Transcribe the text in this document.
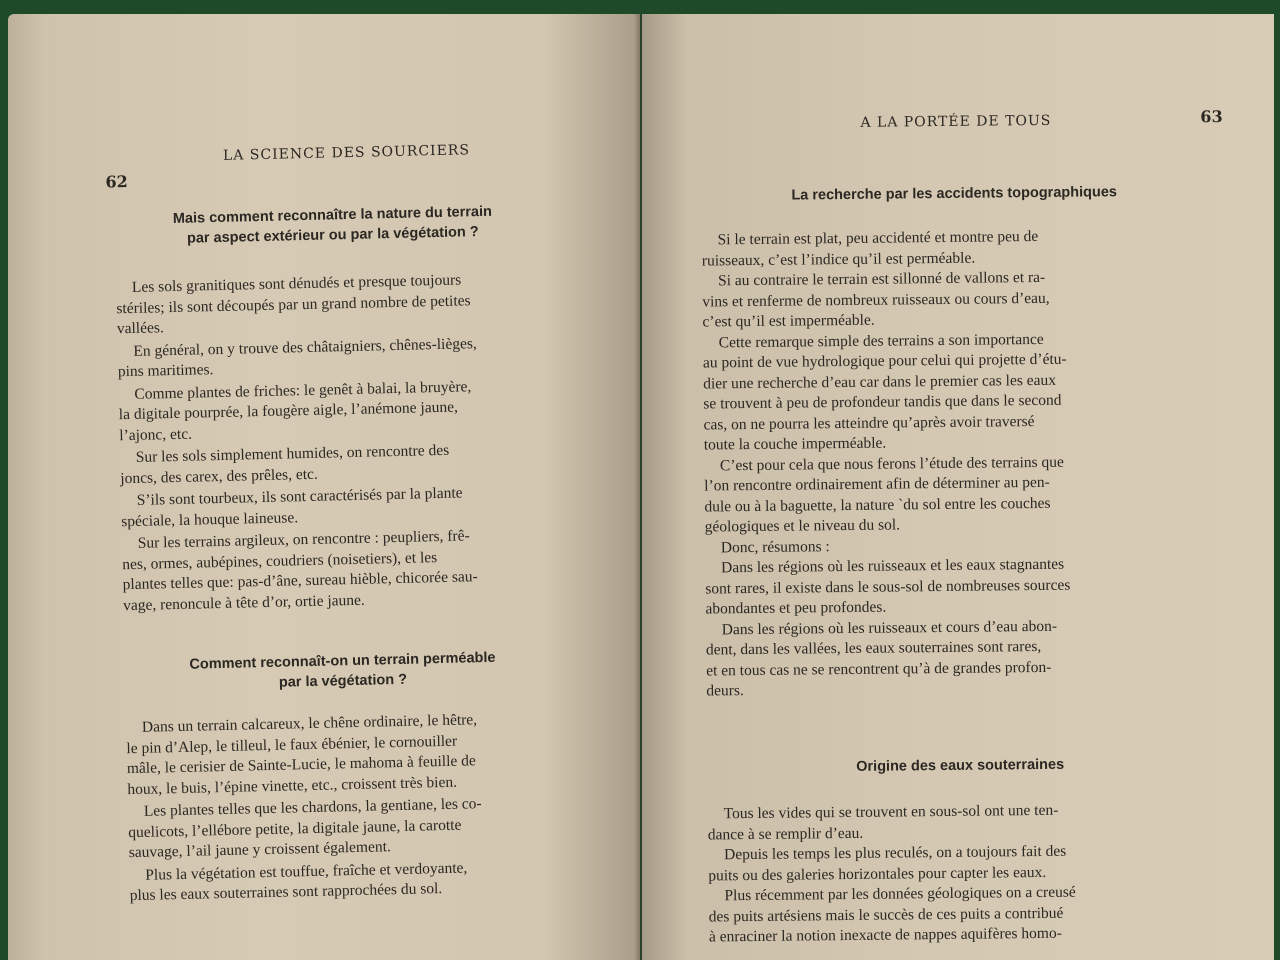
62
LA SCIENCE DES SOURCIERS
Mais comment reconnaître la nature du terrain
par aspect extérieur ou par la végétation ?
Les sols granitiques sont dénudés et presque toujours
stériles; ils sont découpés par un grand nombre de petites
vallées.
En général, on y trouve des châtaigniers, chênes-lièges,
pins maritimes.
Comme plantes de friches: le genêt à balai, la bruyère,
la digitale pourprée, la fougère aigle, l’anémone jaune,
l’ajonc, etc.
Sur les sols simplement humides, on rencontre des
joncs, des carex, des prêles, etc.
S’ils sont tourbeux, ils sont caractérisés par la plante
spéciale, la houque laineuse.
Sur les terrains argileux, on rencontre : peupliers, frê-
nes, ormes, aubépines, coudriers (noisetiers), et les
plantes telles que: pas-d’âne, sureau hièble, chicorée sau-
vage, renoncule à tête d’or, ortie jaune.
Comment reconnaît-on un terrain perméable
par la végétation ?
Dans un terrain calcareux, le chêne ordinaire, le hêtre,
le pin d’Alep, le tilleul, le faux ébénier, le cornouiller
mâle, le cerisier de Sainte-Lucie, le mahoma à feuille de
houx, le buis, l’épine vinette, etc., croissent très bien.
Les plantes telles que les chardons, la gentiane, les co-
quelicots, l’ellébore petite, la digitale jaune, la carotte
sauvage, l’ail jaune y croissent également.
Plus la végétation est touffue, fraîche et verdoyante,
plus les eaux souterraines sont rapprochées du sol.
A LA PORTÉE DE TOUS	63
La recherche par les accidents topographiques
Si le terrain est plat, peu accidenté et montre peu de
ruisseaux, c’est l’indice qu’il est perméable.
Si au contraire le terrain est sillonné de vallons et ra-
vins et renferme de nombreux ruisseaux ou cours d’eau,
c’est qu’il est imperméable.
Cette remarque simple des terrains a son importance
au point de vue hydrologique pour celui qui projette d’étu-
dier une recherche d’eau car dans le premier cas les eaux
se trouvent à peu de profondeur tandis que dans le second
cas, on ne pourra les atteindre qu’après avoir traversé
toute la couche imperméable.
C’est pour cela que nous ferons l’étude des terrains que
l’on rencontre ordinairement afin de déterminer au pen-
dule ou à la baguette, la nature `du sol entre les couches
géologiques et le niveau du sol.
Donc, résumons :
Dans les régions où les ruisseaux et les eaux stagnantes
sont rares, il existe dans le sous-sol de nombreuses sources
abondantes et peu profondes.
Dans les régions où les ruisseaux et cours d’eau abon-
dent, dans les vallées, les eaux souterraines sont rares,
et en tous cas ne se rencontrent qu’à de grandes profon-
deurs.
Origine des eaux souterraines
Tous les vides qui se trouvent en sous-sol ont une ten-
dance à se remplir d’eau.
Depuis les temps les plus reculés, on a toujours fait des
puits ou des galeries horizontales pour capter les eaux.
Plus récemment par les données géologiques on a creusé
des puits artésiens mais le succès de ces puits a contribué
à enraciner la notion inexacte de nappes aquifères homo-
